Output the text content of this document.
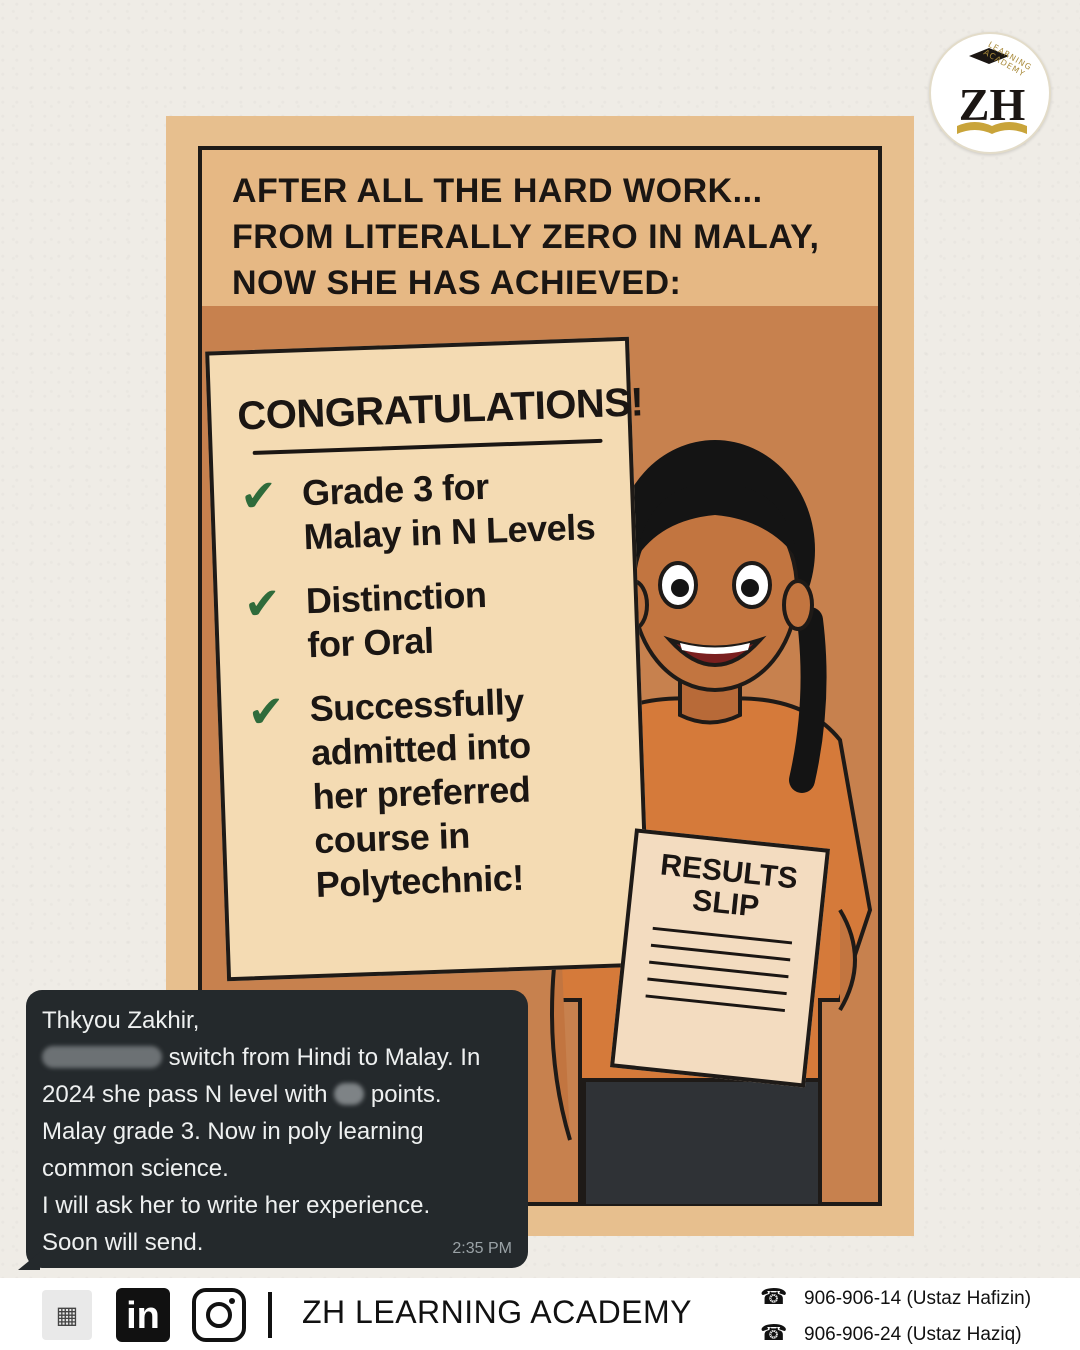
AFTER ALL THE HARD WORK...
FROM LITERALLY ZERO IN MALAY,
NOW SHE HAS ACHIEVED:
CONGRATULATIONS!
✔ Grade 3 for
Malay in N Levels
✔ Distinction
for Oral
✔ Successfully
admitted into
her preferred
course in
Polytechnic!	RESULTS
SLIP
ZH
LEARNING ACADEMY
Thkyou Zakhir,
switch from Hindi to Malay. In
2024 she pass N level with  points.
Malay grade 3. Now in poly learning
common science.
I will ask her to write her experience.
Soon will send.	2:35 PM
▦	in	ZH LEARNING ACADEMY	☎ 906-906-14 (Ustaz Hafizin)
☎ 906-906-24 (Ustaz Haziq)
